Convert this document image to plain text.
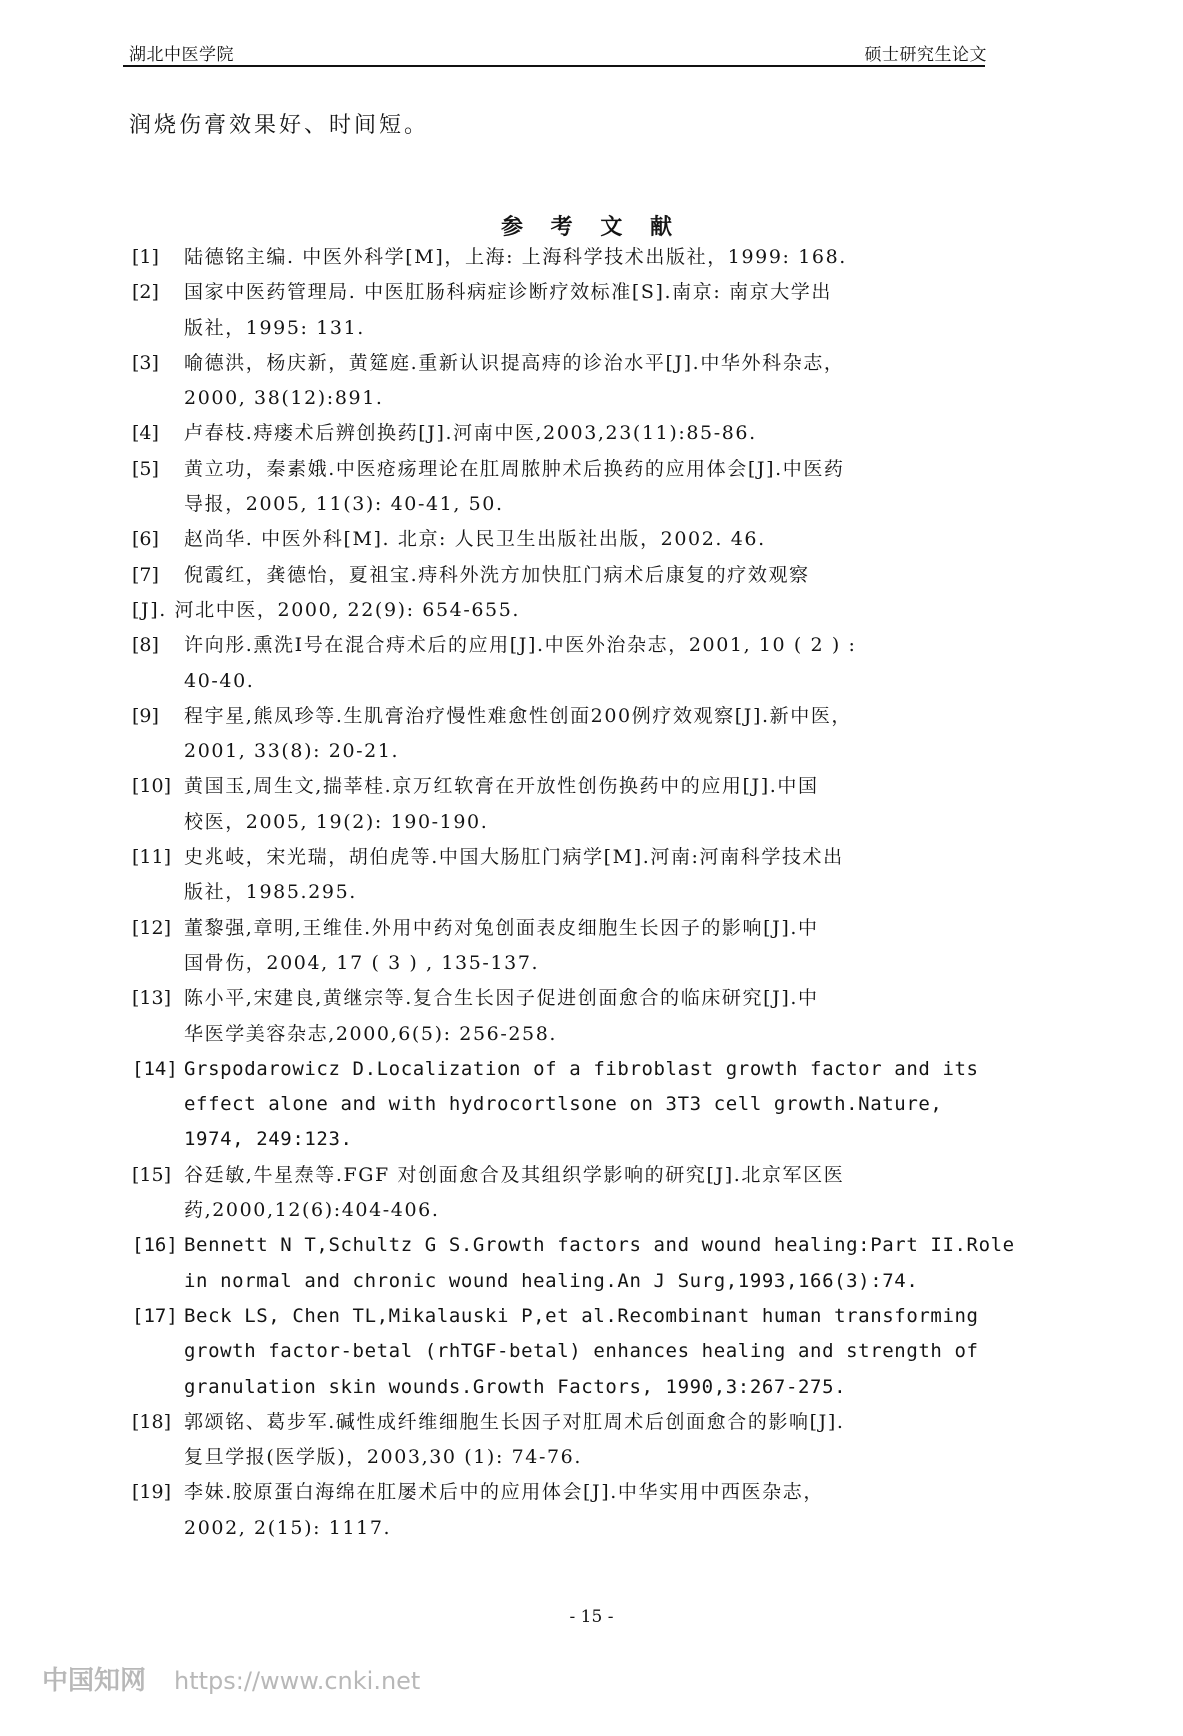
湖北中医学院	硕士研究生论文
润烧伤膏效果好、时间短。
参 考 文 献
[1] 陆德铭主编. 中医外科学[M]，上海: 上海科学技术出版社，1999: 168.
[2] 国家中医药管理局. 中医肛肠科病症诊断疗效标准[S].南京: 南京大学出
版社，1995: 131.
[3] 喻德洪，杨庆新，黄筵庭.重新认识提高痔的诊治水平[J].中华外科杂志，
2000, 38(12):891.
[4] 卢春枝.痔瘘术后辨创换药[J].河南中医,2003,23(11):85-86.
[5] 黄立功，秦素娥.中医疮疡理论在肛周脓肿术后换药的应用体会[J].中医药
导报，2005, 11(3): 40-41, 50.
[6] 赵尚华. 中医外科[M]. 北京: 人民卫生出版社出版，2002. 46.
[7] 倪霞红，龚德怡，夏祖宝.痔科外洗方加快肛门病术后康复的疗效观察
[J]. 河北中医，2000, 22(9): 654-655.
[8] 许向彤.熏洗I号在混合痔术后的应用[J].中医外治杂志，2001, 10 ( 2 ) :
40-40.
[9] 程宇星,熊凤珍等.生肌膏治疗慢性难愈性创面200例疗效观察[J].新中医，
2001, 33(8): 20-21.
[10] 黄国玉,周生文,揣莘桂.京万红软膏在开放性创伤换药中的应用[J].中国
校医，2005, 19(2): 190-190.
[11] 史兆岐，宋光瑞，胡伯虎等.中国大肠肛门病学[M].河南:河南科学技术出
版社，1985.295.
[12] 董黎强,章明,王维佳.外用中药对兔创面表皮细胞生长因子的影响[J].中
国骨伤，2004, 17 ( 3 ) , 135-137.
[13] 陈小平,宋建良,黄继宗等.复合生长因子促进创面愈合的临床研究[J].中
华医学美容杂志,2000,6(5): 256-258.
[14] Grspodarowicz D.Localization of a fibroblast growth factor and its
effect alone and with hydrocortlsone on 3T3 cell growth.Nature,
1974, 249:123.
[15] 谷廷敏,牛星焘等.FGF 对创面愈合及其组织学影响的研究[J].北京军区医
药,2000,12(6):404-406.
[16] Bennett N T,Schultz G S.Growth factors and wound healing:Part II.Role
in normal and chronic wound healing.An J Surg,1993,166(3):74.
[17] Beck LS, Chen TL,Mikalauski P,et al.Recombinant human transforming
growth factor-betal (rhTGF-betal) enhances healing and strength of
granulation skin wounds.Growth Factors, 1990,3:267-275.
[18] 郭颂铭、葛步军.碱性成纤维细胞生长因子对肛周术后创面愈合的影响[J].
复旦学报(医学版)，2003,30 (1): 74-76.
[19] 李妹.胶原蛋白海绵在肛屡术后中的应用体会[J].中华实用中西医杂志，
2002, 2(15): 1117.
- 15 -
中国知网 https://www.cnki.net
